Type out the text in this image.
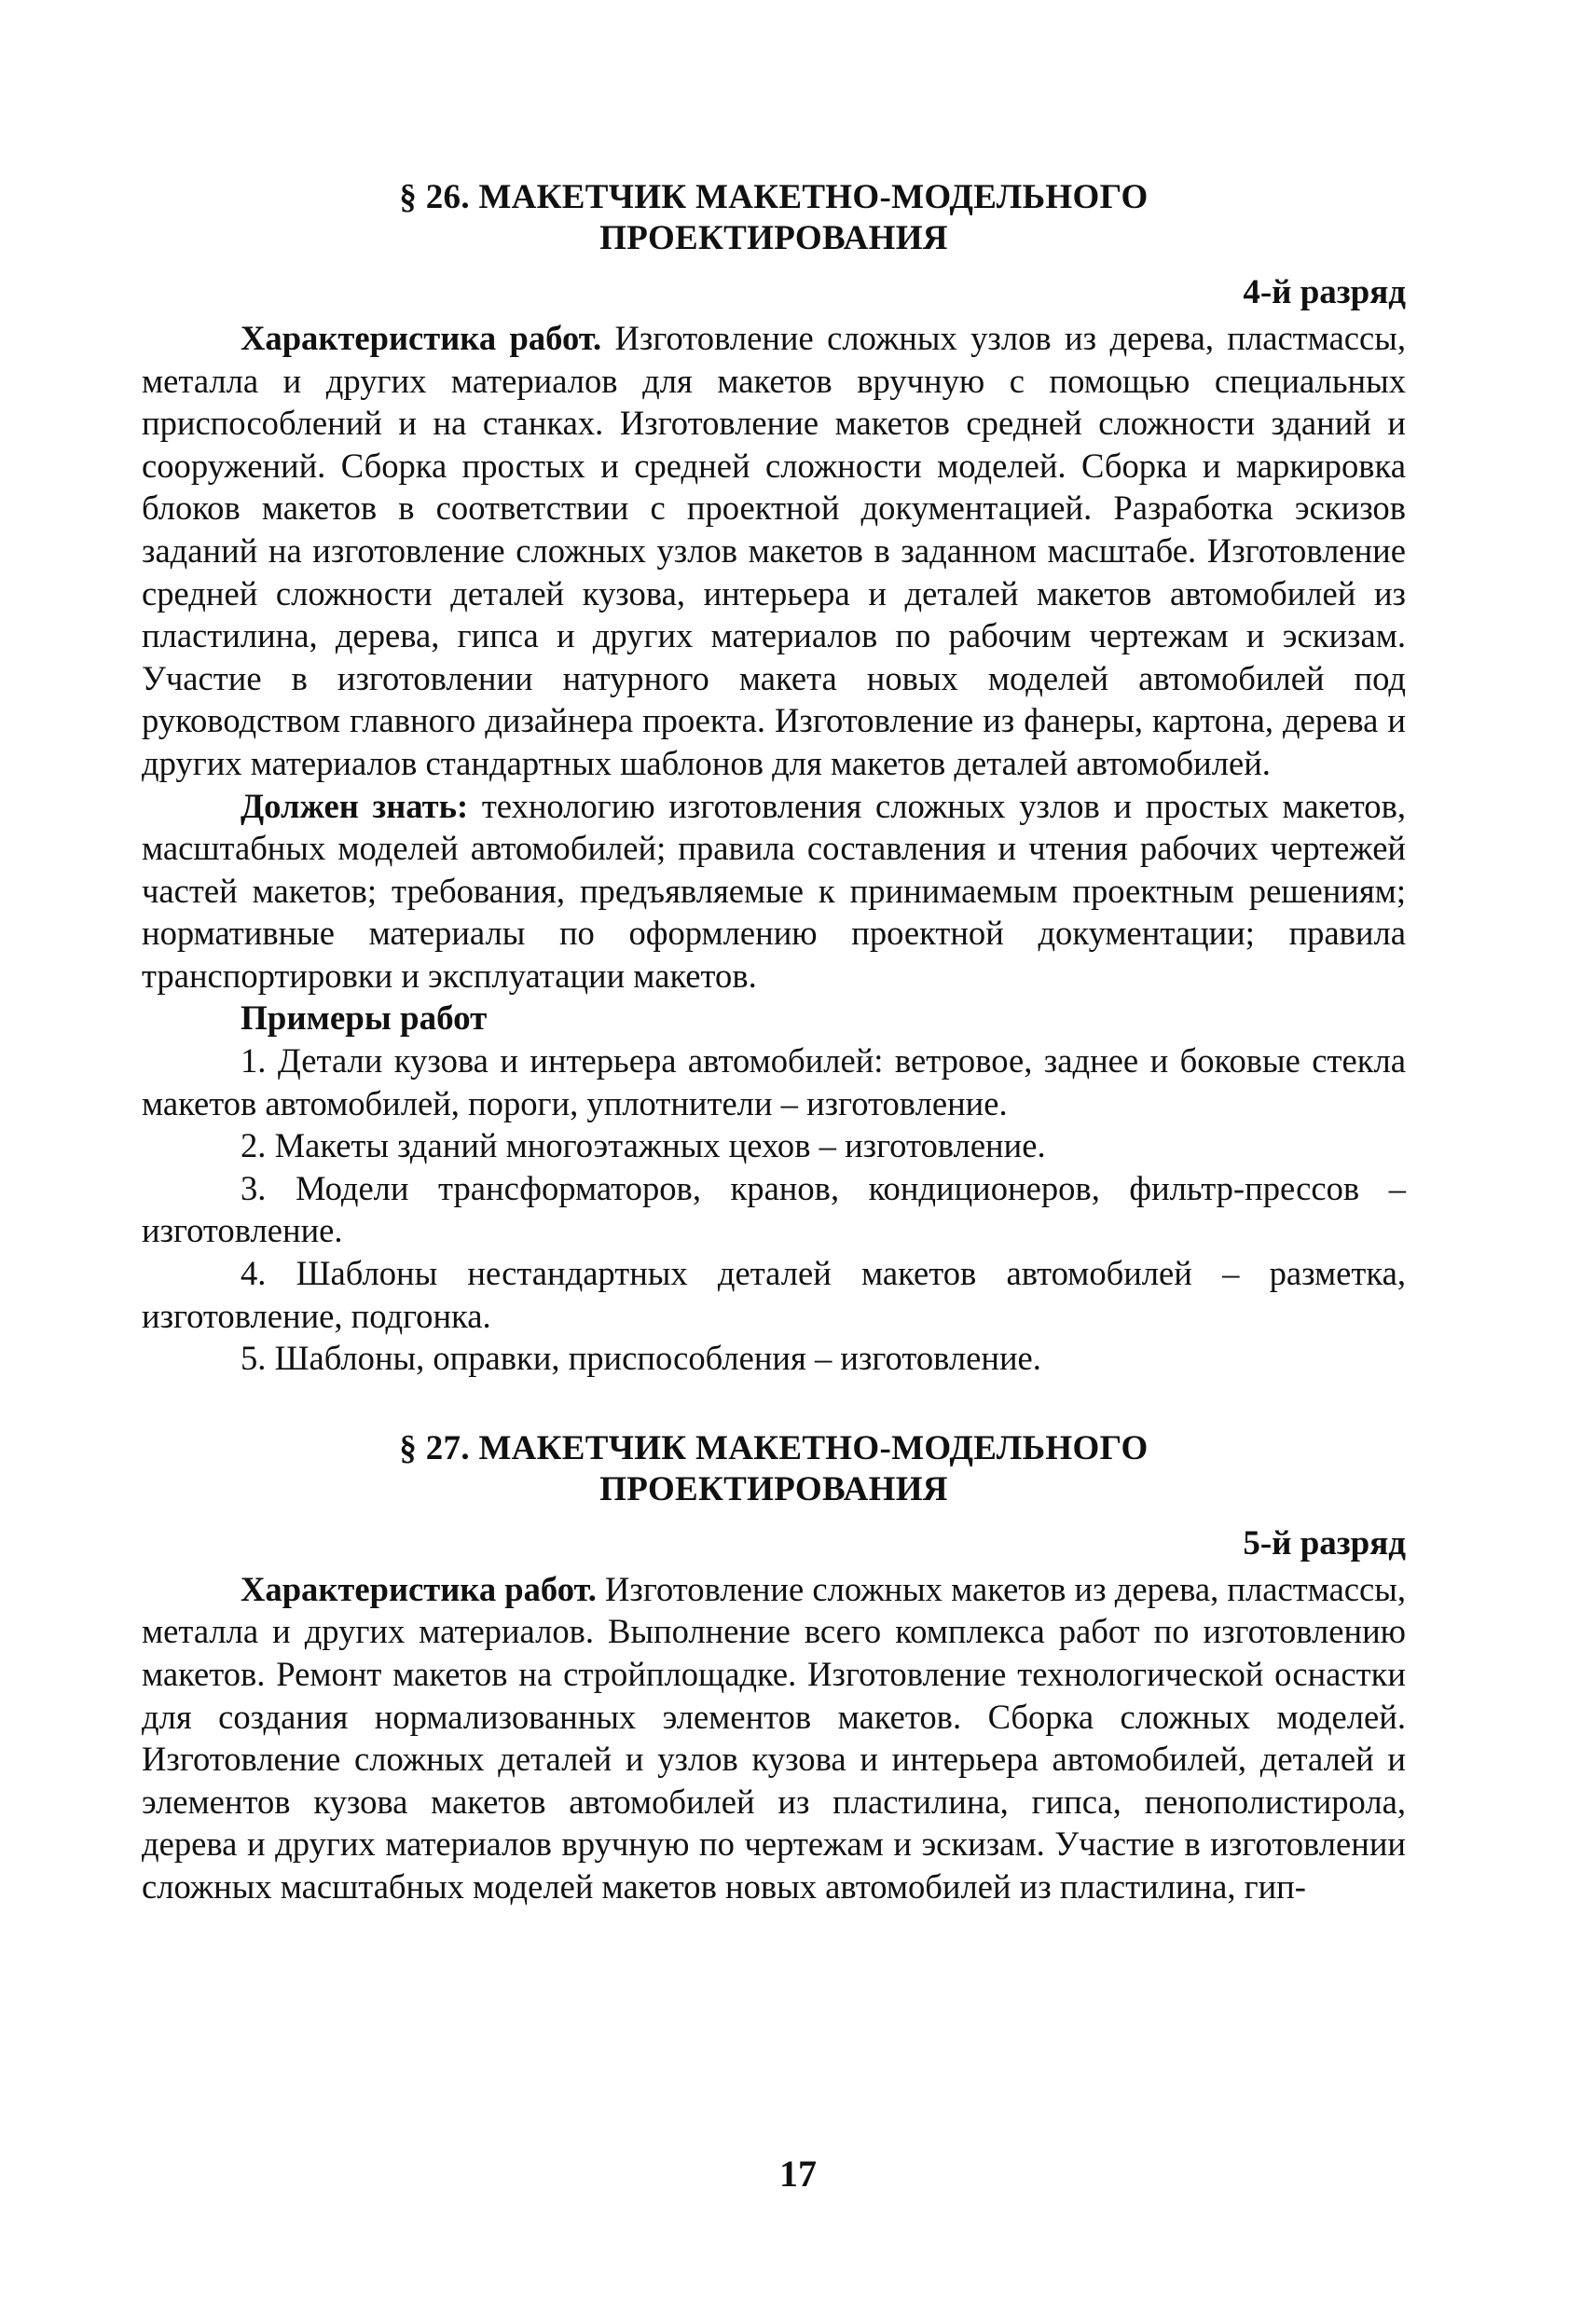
§ 26. МАКЕТЧИК МАКЕТНО-МОДЕЛЬНОГО
ПРОЕКТИРОВАНИЯ
4-й разряд

Характеристика работ. Изготовление сложных узлов из дерева, пластмассы, металла и других материалов для макетов вручную с помощью специальных приспособлений и на станках. Изготовление макетов средней сложности зданий и сооружений. Сборка простых и средней сложности моделей. Сборка и маркировка блоков макетов в соответствии с проектной документацией. Разработка эскизов заданий на изготовление сложных узлов макетов в заданном масштабе. Изготовление средней сложности деталей кузова, интерьера и деталей макетов автомобилей из пластилина, дерева, гипса и других материалов по рабочим чертежам и эскизам. Участие в изготовлении натурного макета новых моделей автомобилей под руководством главного дизайнера проекта. Изготовление из фанеры, картона, дерева и других материалов стандартных шаблонов для макетов деталей автомобилей.

Должен знать: технологию изготовления сложных узлов и простых макетов, масштабных моделей автомобилей; правила составления и чтения рабочих чертежей частей макетов; требования, предъявляемые к принимаемым проектным решениям; нормативные материалы по оформлению проектной документации; правила транспортировки и эксплуатации макетов.

Примеры работ

1. Детали кузова и интерьера автомобилей: ветровое, заднее и боковые стекла макетов автомобилей, пороги, уплотнители – изготовление.

2. Макеты зданий многоэтажных цехов – изготовление.

3. Модели трансформаторов, кранов, кондиционеров, фильтр-прессов – изготовление.

4. Шаблоны нестандартных деталей макетов автомобилей – разметка, изготовление, подгонка.

5. Шаблоны, оправки, приспособления – изготовление.

§ 27. МАКЕТЧИК МАКЕТНО-МОДЕЛЬНОГО
ПРОЕКТИРОВАНИЯ
5-й разряд

Характеристика работ. Изготовление сложных макетов из дерева, пластмассы, металла и других материалов. Выполнение всего комплекса работ по изготовлению макетов. Ремонт макетов на стройплощадке. Изготовление технологической оснастки для создания нормализованных элементов макетов. Сборка сложных моделей. Изготовление сложных деталей и узлов кузова и интерьера автомобилей, деталей и элементов кузова макетов автомобилей из пластилина, гипса, пенополистирола, дерева и других материалов вручную по чертежам и эскизам. Участие в изготовлении сложных масштабных моделей макетов новых автомобилей из пластилина, гип-

17
